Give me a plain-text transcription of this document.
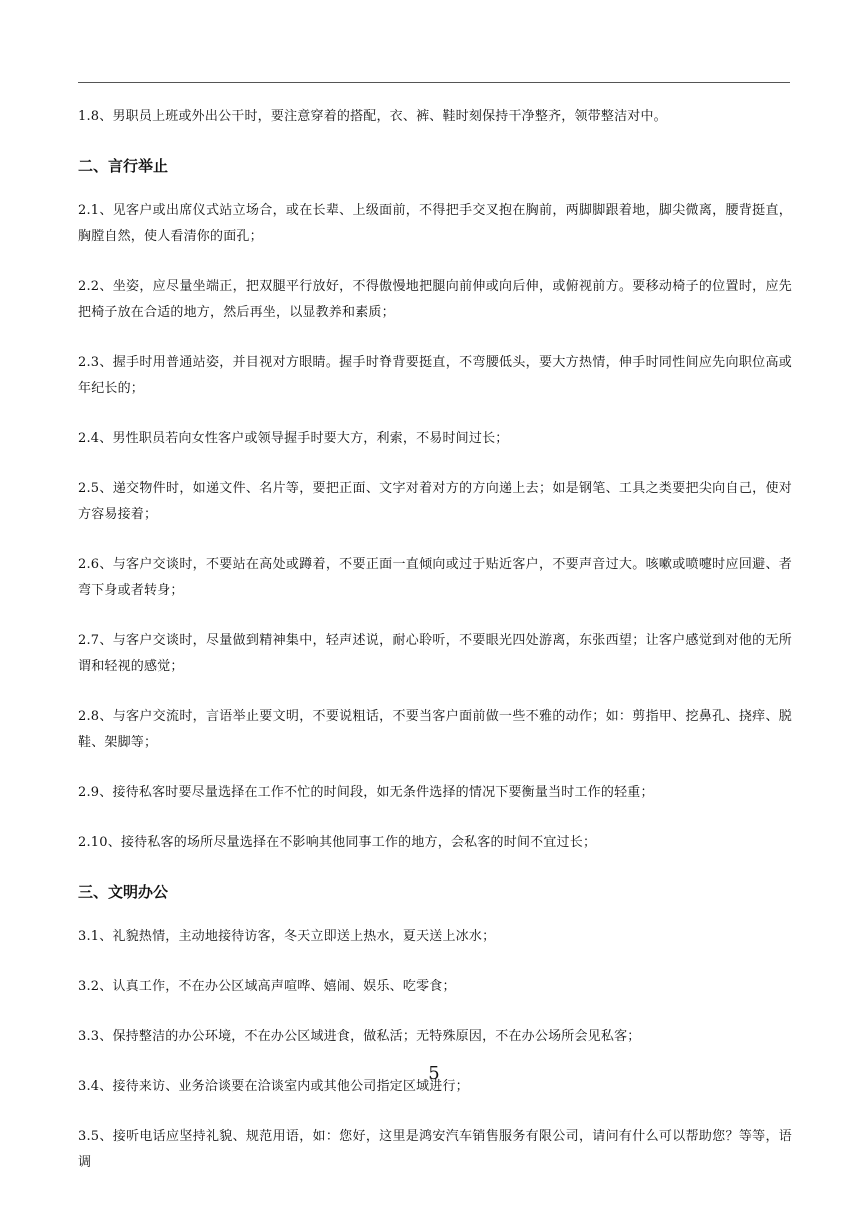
1.8、男职员上班或外出公干时，要注意穿着的搭配，衣、裤、鞋时刻保持干净整齐，领带整洁对中。

二、言行举止

2.1、见客户或出席仪式站立场合，或在长辈、上级面前，不得把手交叉抱在胸前，两脚脚跟着地，脚尖微离，腰背挺直，胸膛自然，使人看清你的面孔；

2.2、坐姿，应尽量坐端正，把双腿平行放好，不得傲慢地把腿向前伸或向后伸，或俯视前方。要移动椅子的位置时，应先把椅子放在合适的地方，然后再坐，以显教养和素质；

2.3、握手时用普通站姿，并目视对方眼睛。握手时脊背要挺直，不弯腰低头，要大方热情，伸手时同性间应先向职位高或年纪长的；

2.4、男性职员若向女性客户或领导握手时要大方，利索，不易时间过长；

2.5、递交物件时，如递文件、名片等，要把正面、文字对着对方的方向递上去；如是钢笔、工具之类要把尖向自己，使对方容易接着；

2.6、与客户交谈时，不要站在高处或蹲着，不要正面一直倾向或过于贴近客户，不要声音过大。咳嗽或喷嚏时应回避、者弯下身或者转身；

2.7、与客户交谈时，尽量做到精神集中，轻声述说，耐心聆听，不要眼光四处游离，东张西望；让客户感觉到对他的无所谓和轻视的感觉；

2.8、与客户交流时，言语举止要文明，不要说粗话，不要当客户面前做一些不雅的动作；如：剪指甲、挖鼻孔、挠痒、脱鞋、架脚等；

2.9、接待私客时要尽量选择在工作不忙的时间段，如无条件选择的情况下要衡量当时工作的轻重；

2.10、接待私客的场所尽量选择在不影响其他同事工作的地方，会私客的时间不宜过长；

三、文明办公

3.1、礼貌热情，主动地接待访客，冬天立即送上热水，夏天送上冰水；

3.2、认真工作，不在办公区域高声喧哗、嬉闹、娱乐、吃零食；

3.3、保持整洁的办公环境，不在办公区域进食，做私活；无特殊原因，不在办公场所会见私客；

3.4、接待来访、业务洽谈要在洽谈室内或其他公司指定区域进行；

3.5、接听电话应坚持礼貌、规范用语，如：您好，这里是鸿安汽车销售服务有限公司，请问有什么可以帮助您？等等，语调

5
